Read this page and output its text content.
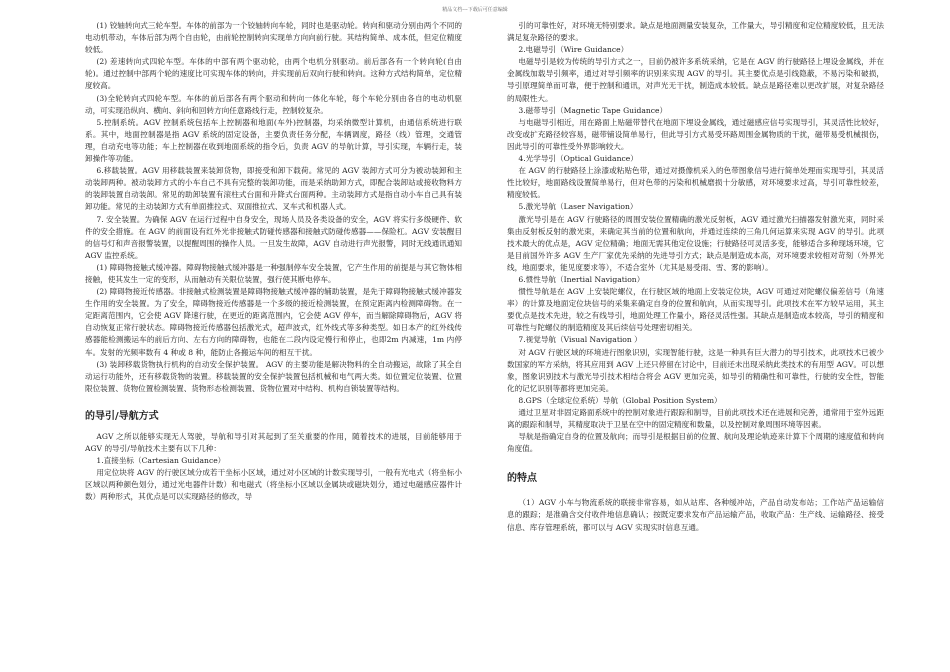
精品文档---下载后可任意编辑

(1) 铰轴转向式三轮车型。车体的前部为一个铰轴转向车轮，同时也是驱动轮。转向和驱动分别由两个不同的电动机带动，车体后部为两个自由轮，由前轮控制转向实现单方向向前行驶。其结构简单、成本低，但定位精度较低。

(2) 差速转向式四轮车型。车体的中部有两个驱动轮，由两个电机分别驱动。前后部各有一个转向轮(自由轮)。通过控制中部两个轮的速度比可实现车体的转向，并实现前后双向行驶和转向。这种方式结构简单，定位精度较高。

(3)全轮转向式四轮车型。车体的前后部各有两个驱动和转向一体化车轮，每个车轮分别由各自的电动机驱动，可实现沿纵向、横向、斜向和回转方向任意路线行走，控制较复杂。

5.控制系统。AGV 控制系统包括车上控制器和地面(车外)控制器，均采纳微型计算机，由通信系统进行联系。其中，地面控制器是指 AGV 系统的固定设备，主要负责任务分配，车辆调度，路径（线）管理，交通管理，自动充电等功能；车上控制器在收到地面系统的指令后，负责 AGV 的导航计算，导引实现，车辆行走，装卸操作等功能。

6.移载装置。AGV 用移载装置来装卸货物，即接受和卸下载荷。常见的 AGV 装卸方式可分为被动装卸和主动装卸两种。被动装卸方式的小车自己不具有完整的装卸功能，而是采纳助卸方式，即配合装卸站或接收物料方的装卸装置自动装卸。常见的助卸装置有滚柱式台面和升降式台面两种。主动装卸方式是指自动小车自己具有装卸功能。常见的主动装卸方式有单面推拉式、双面推拉式、叉车式和机器人式。

7. 安全装置。为确保 AGV 在运行过程中自身安全，现场人员及各类设备的安全，AGV 将实行多级硬件、软件的安全措施。在 AGV 的前面设有红外光非接触式防碰传感器和接触式防碰传感器——保险杠。AGV 安装醒目的信号灯和声音报警装置，以提醒周围的操作人员。一旦发生故障，AGV 自动进行声光报警，同时无线通讯通知 AGV 监控系统。

(1) 障碍物接触式缓冲器。障碍物接触式缓冲器是一种强制停车安全装置，它产生作用的前提是与其它物体相接触，使其发生一定的变形，从而触动有关限位装置，强行使其断电停车。

(2) 障碍物接近传感器。非接触式检测装置是障碍物接触式缓冲器的辅助装置，是先于障碍物接触式缓冲器发生作用的安全装置。为了安全，障碍物接近传感器是一个多级的接近检测装置，在预定距离内检测障碍物。在一定距离范围内，它会使 AGV 降速行驶，在更近的距离范围内，它会使 AGV 停车，而当解除障碍物后，AGV 将自动恢复正常行驶状态。障碍物接近传感器包括激光式，超声波式，红外线式等多种类型。如日本产的红外线传感器能检测搬运车的前后方向、左右方向的障碍物，也能在二段内设定慢行和停止，也即2m 内减速，1m 内停车。发射的光频率数有 4 种或 8 种，能防止各搬运车间的相互干扰。

(3) 装卸移载货物执行机构的自动安全保护装置。 AGV 的主要功能是解决物料的全自动搬运，故除了其全自动运行功能外，还有移载货物的装置。移载装置的安全保护装置包括机械和电气两大类。如位置定位装置、位置限位装置、货物位置检测装置、货物形态检测装置、货物位置对中结构、机构自锁装置等结构。

的导引/导航方式

AGV 之所以能够实现无人驾驶，导航和导引对其起到了至关重要的作用，随着技术的进展，目前能够用于 AGV 的导引/导航技术主要有以下几种：

1.直接坐标（Cartesian Guidance）

用定位块将 AGV 的行驶区域分成若干坐标小区域，通过对小区域的计数实现导引，一般有光电式（将坐标小区域以两种颜色划分，通过光电器件计数）和电磁式（将坐标小区域以金属块或磁块划分，通过电磁感应器件计数）两种形式，其优点是可以实现路径的修改，导

引的可靠性好，对环境无特别要求。缺点是地面测量安装复杂，工作量大，导引精度和定位精度较低，且无法满足复杂路径的要求。

2.电磁导引（Wire Guidance）

电磁导引是较为传统的导引方式之一，目前仍被许多系统采纳，它是在 AGV 的行驶路径上埋设金属线，并在金属线加载导引频率，通过对导引频率的识别来实现 AGV 的导引。其主要优点是引线隐蔽，不易污染和破损，导引原理简单而可靠，便于控制和通讯，对声光无干扰，制造成本较低。缺点是路径难以更改扩展，对复杂路径的局限性大。

3.磁带导引（Magnetic Tape Guidance）

与电磁导引相近，用在路面上贴磁带替代在地面下埋设金属线，通过磁感应信号实现导引，其灵活性比较好，改变或扩充路径较容易，磁带铺设简单易行，但此导引方式易受环路周围金属物质的干扰，磁带易受机械损伤，因此导引的可靠性受外界影响较大。

4.光学导引（Optical Guidance）

在 AGV 的行驶路径上涂漆或粘贴色带，通过对摄像机采入的色带图象信号进行简单处理而实现导引，其灵活性比较好，地面路线设置简单易行，但对色带的污染和机械磨损十分敏感，对环境要求过高，导引可靠性较差，精度较低。

5.激光导航（Laser Navigation）

激光导引是在 AGV 行驶路径的周围安装位置精确的激光反射板，AGV 通过激光扫描器发射激光束，同时采集由反射板反射的激光束，来确定其当前的位置和航向，并通过连续的三角几何运算来实现 AGV 的导引。此项技术最大的优点是，AGV 定位精确；地面无需其他定位设施；行驶路径可灵活多变，能够适合多种现场环境，它是目前国外许多 AGV 生产厂家优先采纳的先进导引方式；缺点是制造成本高，对环境要求较相对苛刻（外界光线，地面要求，能见度要求等），不适合室外（尤其是易受雨、雪、雾的影响）。

6.惯性导航（Inertial Navigation）

惯性导航是在 AGV 上安装陀螺仪，在行驶区域的地面上安装定位块，AGV 可通过对陀螺仪偏差信号（角速率）的计算及地面定位块信号的采集来确定自身的位置和航向，从而实现导引。此项技术在军方较早运用，其主要优点是技术先进，较之有线导引，地面处理工作量小，路径灵活性强。其缺点是制造成本较高，导引的精度和可靠性与陀螺仪的制造精度及其后续信号处理密切相关。

7.视觉导航（Visual Navigation ）

对 AGV 行驶区域的环境进行图象识别，实现智能行驶，这是一种具有巨大潜力的导引技术，此项技术已被少数国家的军方采纳，将其应用到 AGV 上还只停留在讨论中，目前还未出现采纳此类技术的有用型 AGV。可以想象，图象识别技术与激光导引技术相结合将会 AGV 更加完美，如导引的精确性和可靠性，行驶的安全性，智能化的记忆识别等都将更加完美。

8.GPS（全球定位系统）导航（Global Position System）

通过卫星对非固定路面系统中的控制对象进行跟踪和制导，目前此项技术还在进展和完善，通常用于室外远距离的跟踪和制导，其精度取决于卫星在空中的固定精度和数量，以及控制对象周围环境等因素。

导航是指确定自身的位置及航向；而导引是根据目前的位置、航向及理论轨迹来计算下个周期的速度值和转向角度值。

的特点

（1）AGV 小车与物流系统的联接非常容易，如从站库、各种缓冲站，产品自动发布站；工作站产品运输信息的跟踪；是准确含交付收件地信息确认；按既定要求发布产品运输产品，收取产品：生产线、运输路径、接受信息、库存管理系统，都可以与 AGV 实现实时信息互通。
